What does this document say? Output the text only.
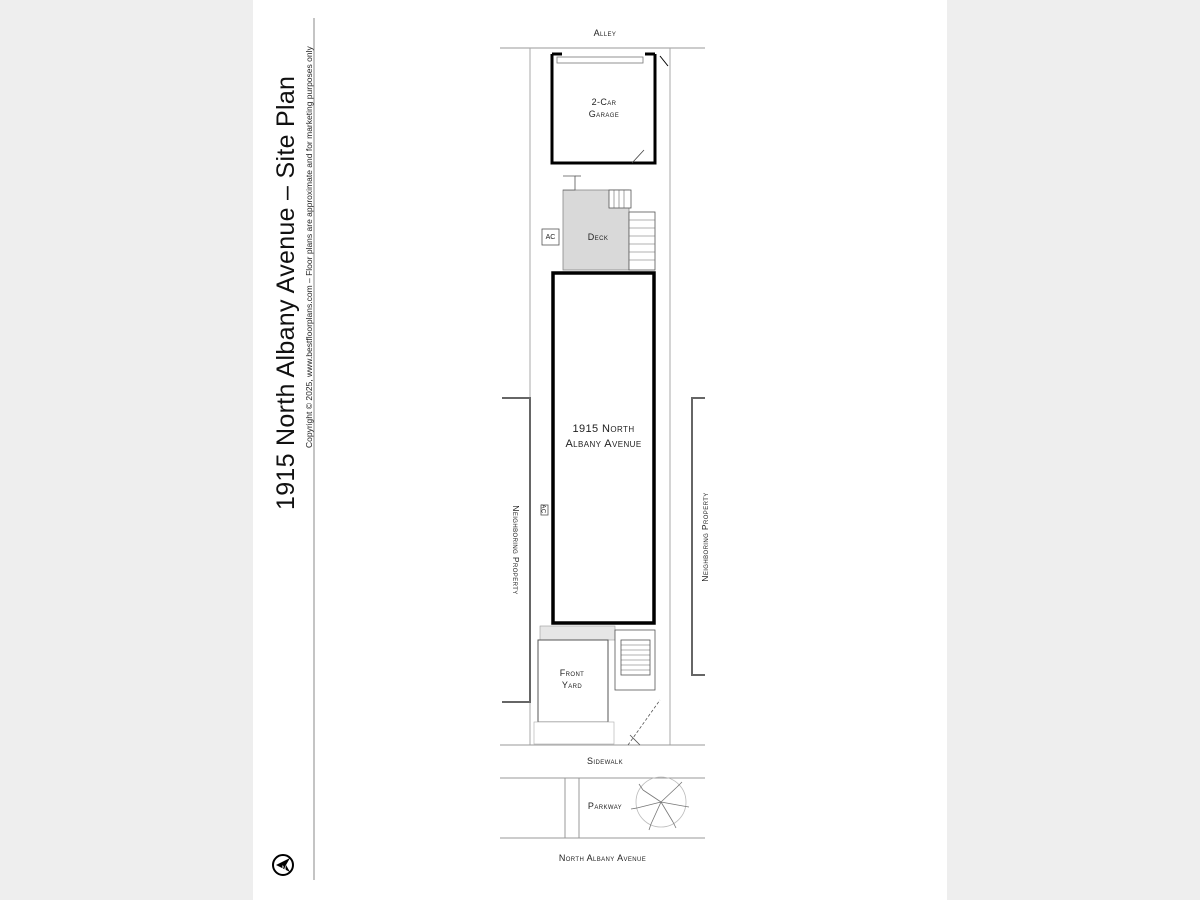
1915 North Albany Avenue – Site Plan Copyright © 2025, www.bestfloorplans.com – Floor plans are approximate and for marketing purposes only
Alley
2-Car
Garage
Deck
AC
1915 North
Albany Avenue
Front
Yard
Sidewalk
Parkway
North Albany Avenue
Neighboring Property	Neighboring Property
AC
N
